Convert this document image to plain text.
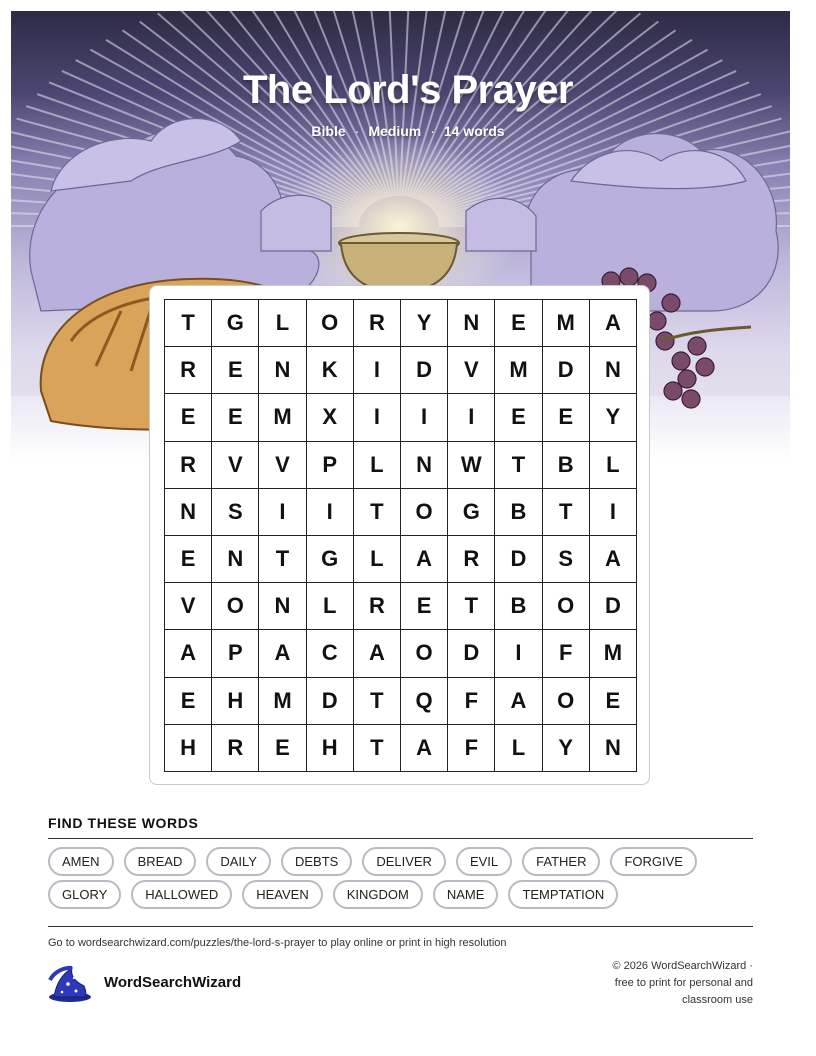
The Lord's Prayer
Bible · Medium · 14 words
T	G	L	O	R	Y	N	E	M	A
R	E	N	K	I	D	V	M	D	N
E	E	M	X	I	I	I	E	E	Y
R	V	V	P	L	N	W	T	B	L
N	S	I	I	T	O	G	B	T	I
E	N	T	G	L	A	R	D	S	A
V	O	N	L	R	E	T	B	O	D
A	P	A	C	A	O	D	I	F	M
E	H	M	D	T	Q	F	A	O	E
H	R	E	H	T	A	F	L	Y	N
FIND THESE WORDS
AMEN	BREAD	DAILY	DEBTS	DELIVER	EVIL	FATHER	FORGIVE
GLORY	HALLOWED	HEAVEN	KINGDOM	NAME	TEMPTATION
Go to wordsearchwizard.com/puzzles/the-lord-s-prayer to play online or print in high resolution
WordSearchWizard
© 2026 WordSearchWizard ·
free to print for personal and
classroom use
